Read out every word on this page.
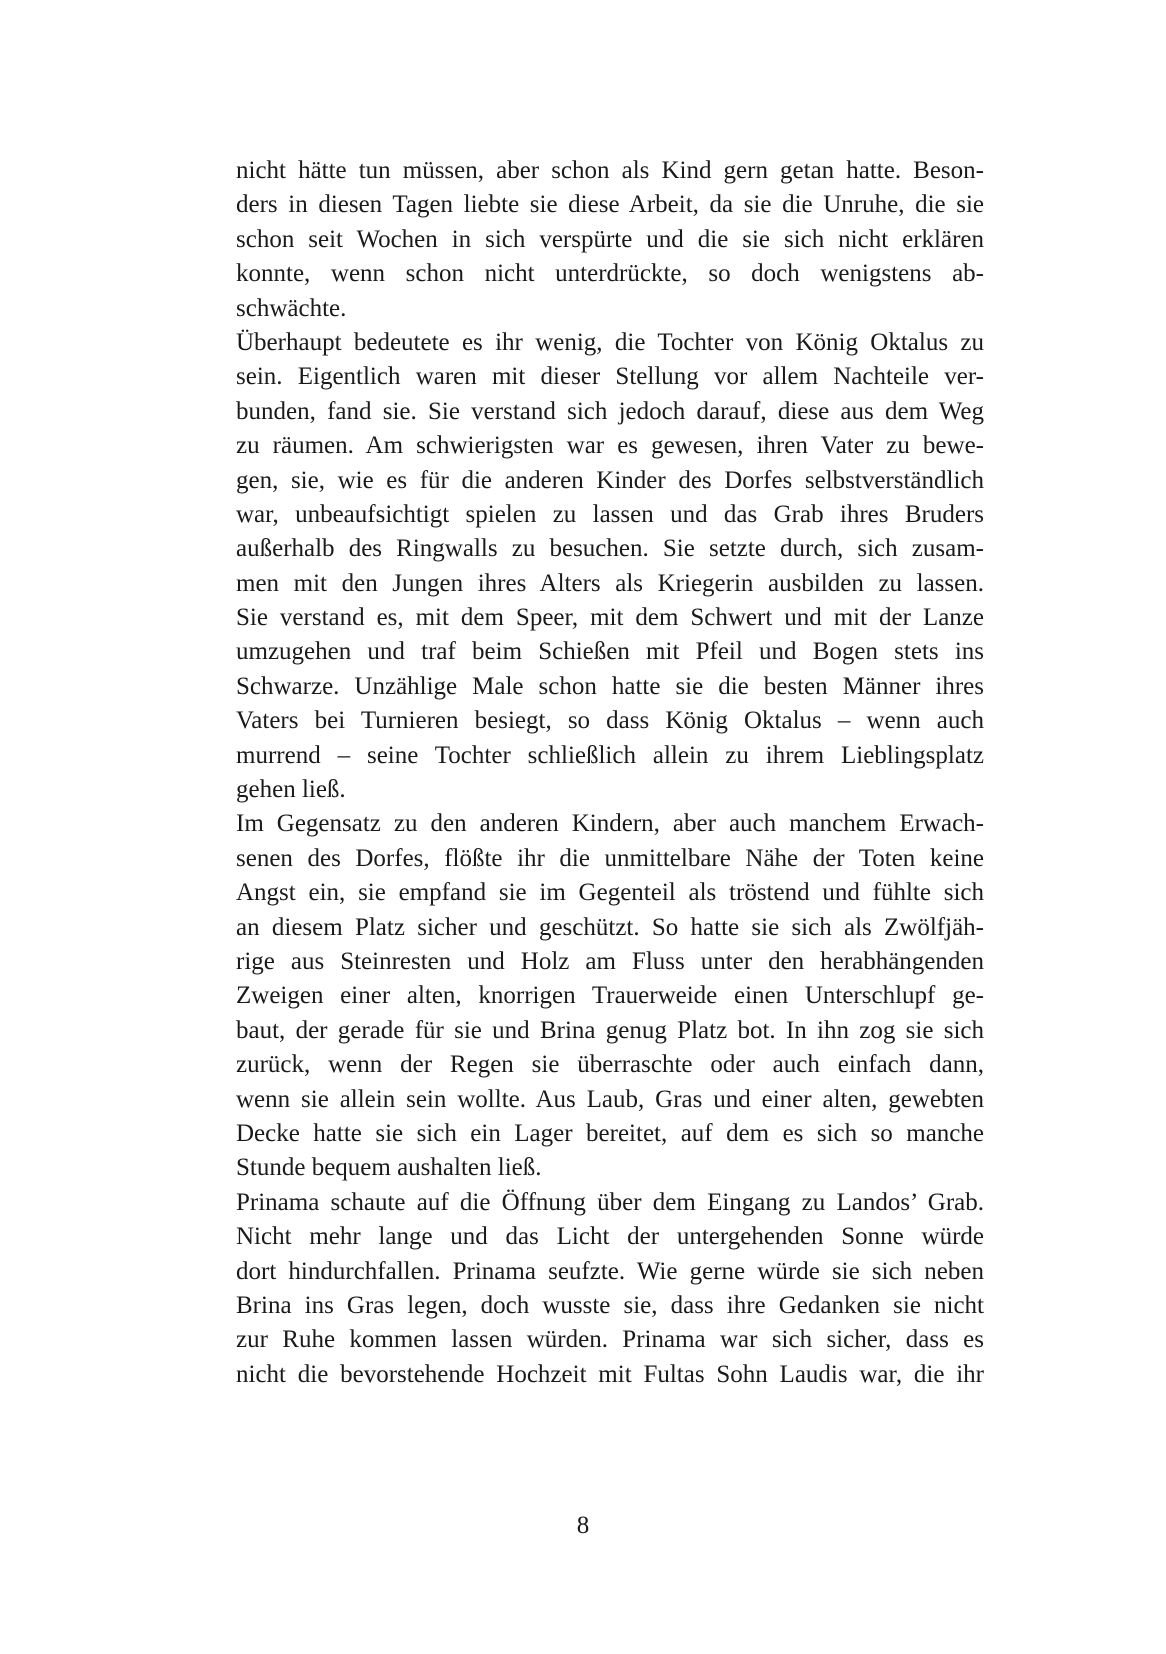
nicht hätte tun müssen, aber schon als Kind gern getan hatte. Beson-
ders in diesen Tagen liebte sie diese Arbeit, da sie die Unruhe, die sie
schon seit Wochen in sich verspürte und die sie sich nicht erklären
konnte, wenn schon nicht unterdrückte, so doch wenigstens ab-
schwächte.
Überhaupt bedeutete es ihr wenig, die Tochter von König Oktalus zu
sein. Eigentlich waren mit dieser Stellung vor allem Nachteile ver-
bunden, fand sie. Sie verstand sich jedoch darauf, diese aus dem Weg
zu räumen. Am schwierigsten war es gewesen, ihren Vater zu bewe-
gen, sie, wie es für die anderen Kinder des Dorfes selbstverständlich
war, unbeaufsichtigt spielen zu lassen und das Grab ihres Bruders
außerhalb des Ringwalls zu besuchen. Sie setzte durch, sich zusam-
men mit den Jungen ihres Alters als Kriegerin ausbilden zu lassen.
Sie verstand es, mit dem Speer, mit dem Schwert und mit der Lanze
umzugehen und traf beim Schießen mit Pfeil und Bogen stets ins
Schwarze. Unzählige Male schon hatte sie die besten Männer ihres
Vaters bei Turnieren besiegt, so dass König Oktalus – wenn auch
murrend – seine Tochter schließlich allein zu ihrem Lieblingsplatz
gehen ließ.
Im Gegensatz zu den anderen Kindern, aber auch manchem Erwach-
senen des Dorfes, flößte ihr die unmittelbare Nähe der Toten keine
Angst ein, sie empfand sie im Gegenteil als tröstend und fühlte sich
an diesem Platz sicher und geschützt. So hatte sie sich als Zwölfjäh-
rige aus Steinresten und Holz am Fluss unter den herabhängenden
Zweigen einer alten, knorrigen Trauerweide einen Unterschlupf ge-
baut, der gerade für sie und Brina genug Platz bot. In ihn zog sie sich
zurück, wenn der Regen sie überraschte oder auch einfach dann,
wenn sie allein sein wollte. Aus Laub, Gras und einer alten, gewebten
Decke hatte sie sich ein Lager bereitet, auf dem es sich so manche
Stunde bequem aushalten ließ.
Prinama schaute auf die Öffnung über dem Eingang zu Landos’ Grab.
Nicht mehr lange und das Licht der untergehenden Sonne würde
dort hindurchfallen. Prinama seufzte. Wie gerne würde sie sich neben
Brina ins Gras legen, doch wusste sie, dass ihre Gedanken sie nicht
zur Ruhe kommen lassen würden. Prinama war sich sicher, dass es
nicht die bevorstehende Hochzeit mit Fultas Sohn Laudis war, die ihr
8
